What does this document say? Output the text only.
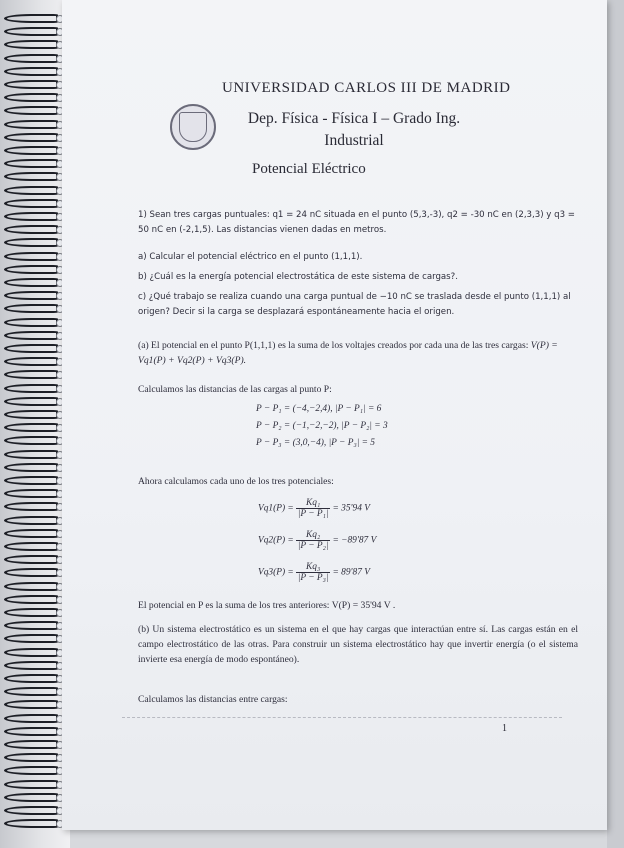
UNIVERSIDAD CARLOS III DE MADRID
Dep. Física - Física I – Grado Ing. Industrial
Potencial Eléctrico
1) Sean tres cargas puntuales: q1 = 24 nC situada en el punto (5,3,-3), q2 = -30 nC en (2,3,3) y q3 = 50 nC en (-2,1,5). Las distancias vienen dadas en metros.
a) Calcular el potencial eléctrico en el punto (1,1,1).
b) ¿Cuál es la energía potencial electrostática de este sistema de cargas?.
c) ¿Qué trabajo se realiza cuando una carga puntual de −10 nC se traslada desde el punto (1,1,1) al origen? Decir si la carga se desplazará espontáneamente hacia el origen.
(a) El potencial en el punto P(1,1,1) es la suma de los voltajes creados por cada una de las tres cargas: V(P) = Vq1(P) + Vq2(P) + Vq3(P).
Calculamos las distancias de las cargas al punto P:
P − P₁ = (−4,−2,4), |P − P₁| = 6
P − P₂ = (−1,−2,−2), |P − P₂| = 3
P − P₃ = (3,0,−4), |P − P₃| = 5
Ahora calculamos cada uno de los tres potenciales:
$Vq1(P) = \frac{\text{Kq₁}}{\text{|P − P₁|}} = 35'94$ V
$Vq2(P) = \frac{\text{Kq₂}}{\text{|P − P₂|}} = -89'87$ V
$Vq3(P) = \frac{\text{Kq₃}}{\text{|P − P₃|}} = 89'87$ V
El potencial en P es la suma de los tres anteriores: V(P) = 35'94 V .
(b) Un sistema electrostático es un sistema en el que hay cargas que interactúan entre sí. Las cargas están en el campo electrostático de las otras. Para construir un sistema electrostático hay que invertir energía (o el sistema invierte esa energía de modo espontáneo).
Calculamos las distancias entre cargas:
1
